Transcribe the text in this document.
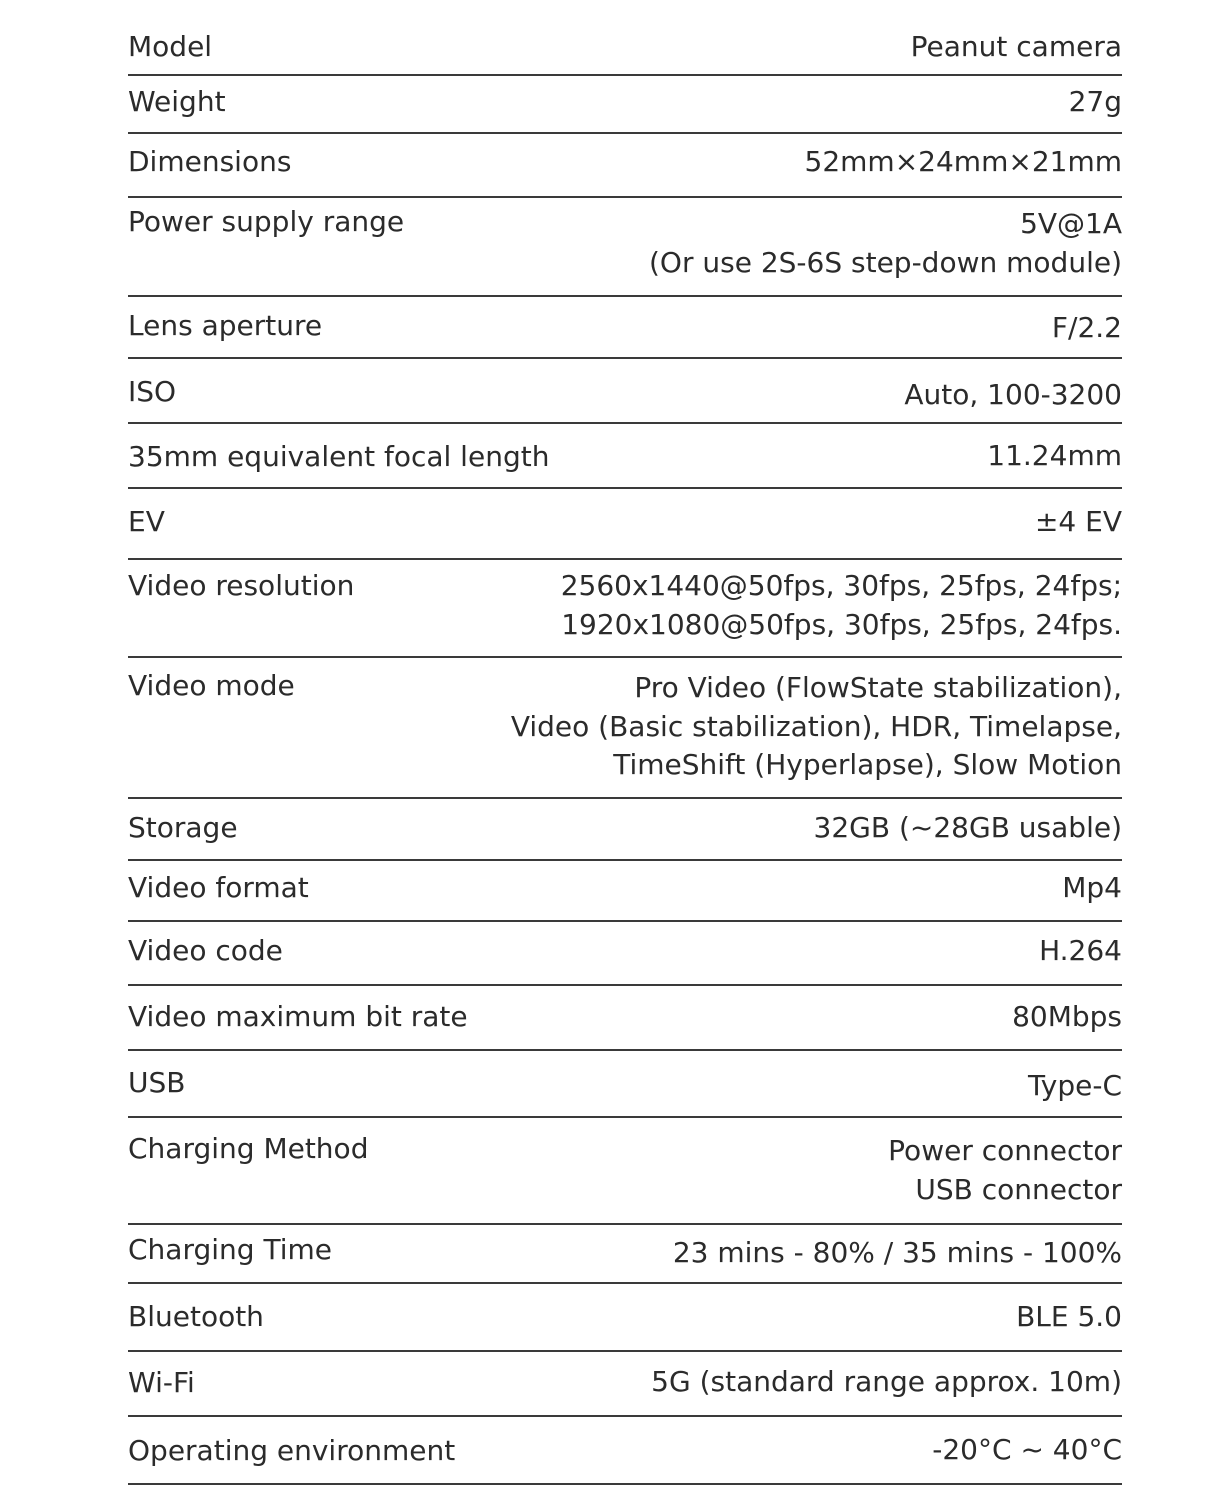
Model	Peanut camera
Weight	27g
Dimensions	52mm×24mm×21mm
Power supply range	5V@1A
(Or use 2S-6S step-down module)
Lens aperture	F/2.2
ISO	Auto, 100-3200
35mm equivalent focal length	11.24mm
EV	±4 EV
Video resolution	2560x1440@50fps, 30fps, 25fps, 24fps;
1920x1080@50fps, 30fps, 25fps, 24fps.
Video mode	Pro Video (FlowState stabilization),
Video (Basic stabilization), HDR, Timelapse,
TimeShift (Hyperlapse), Slow Motion
Storage	32GB (~28GB usable)
Video format	Mp4
Video code	H.264
Video maximum bit rate	80Mbps
USB	Type-C
Charging Method	Power connector
USB connector
Charging Time	23 mins - 80% / 35 mins - 100%
Bluetooth	BLE 5.0
Wi-Fi	5G (standard range approx. 10m)
Operating environment	-20°C ~ 40°C
